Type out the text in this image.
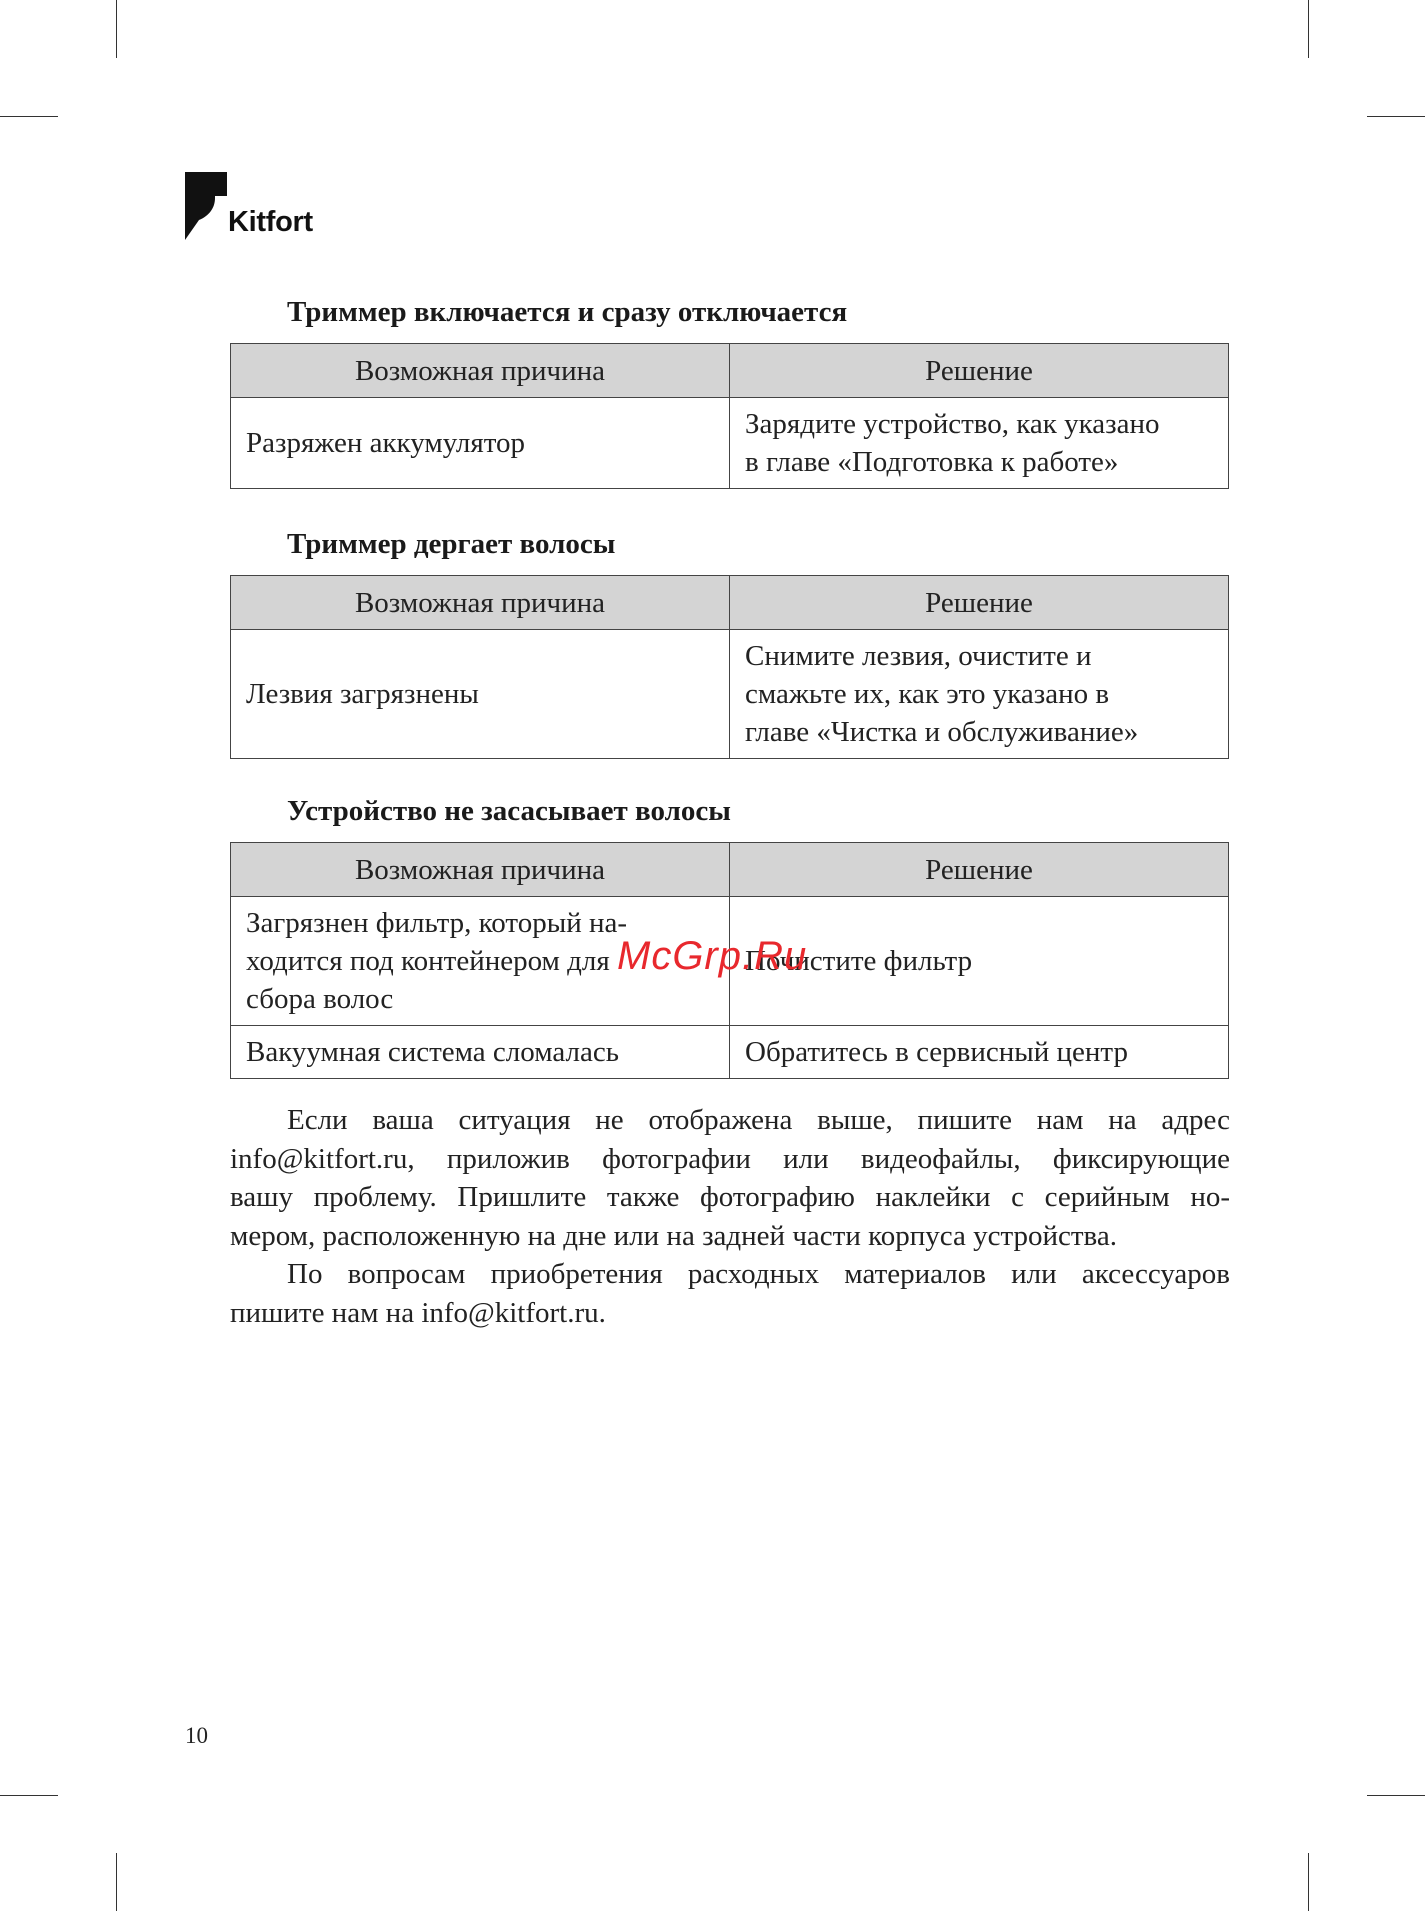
Kitfort
Триммер включается и сразу отключается
Возможная причина	Решение
Разряжен аккумулятор	Зарядите устройство, как указано
в главе «Подготовка к работе»
Триммер дергает волосы
Возможная причина	Решение
Лезвия загрязнены	Снимите лезвия, очистите и
смажьте их, как это указано в
главе «Чистка и обслуживание»
Устройство не засасывает волосы
Возможная причина	Решение
Загрязнен фильтр, который на-
ходится под контейнером для
сбора волос	Почистите фильтр
Вакуумная система сломалась	Обратитесь в сервисный центр

Если ваша ситуация не отображена выше, пишите нам на адрес
info@kitfort.ru, приложив фотографии или видеофайлы, фиксирующие
вашу проблему. Пришлите также фотографию наклейки с серийным но-
мером, расположенную на дне или на задней части корпуса устройства.

По вопросам приобретения расходных материалов или аксессуаров
пишите нам на info@kitfort.ru.

McGrp.Ru
10
